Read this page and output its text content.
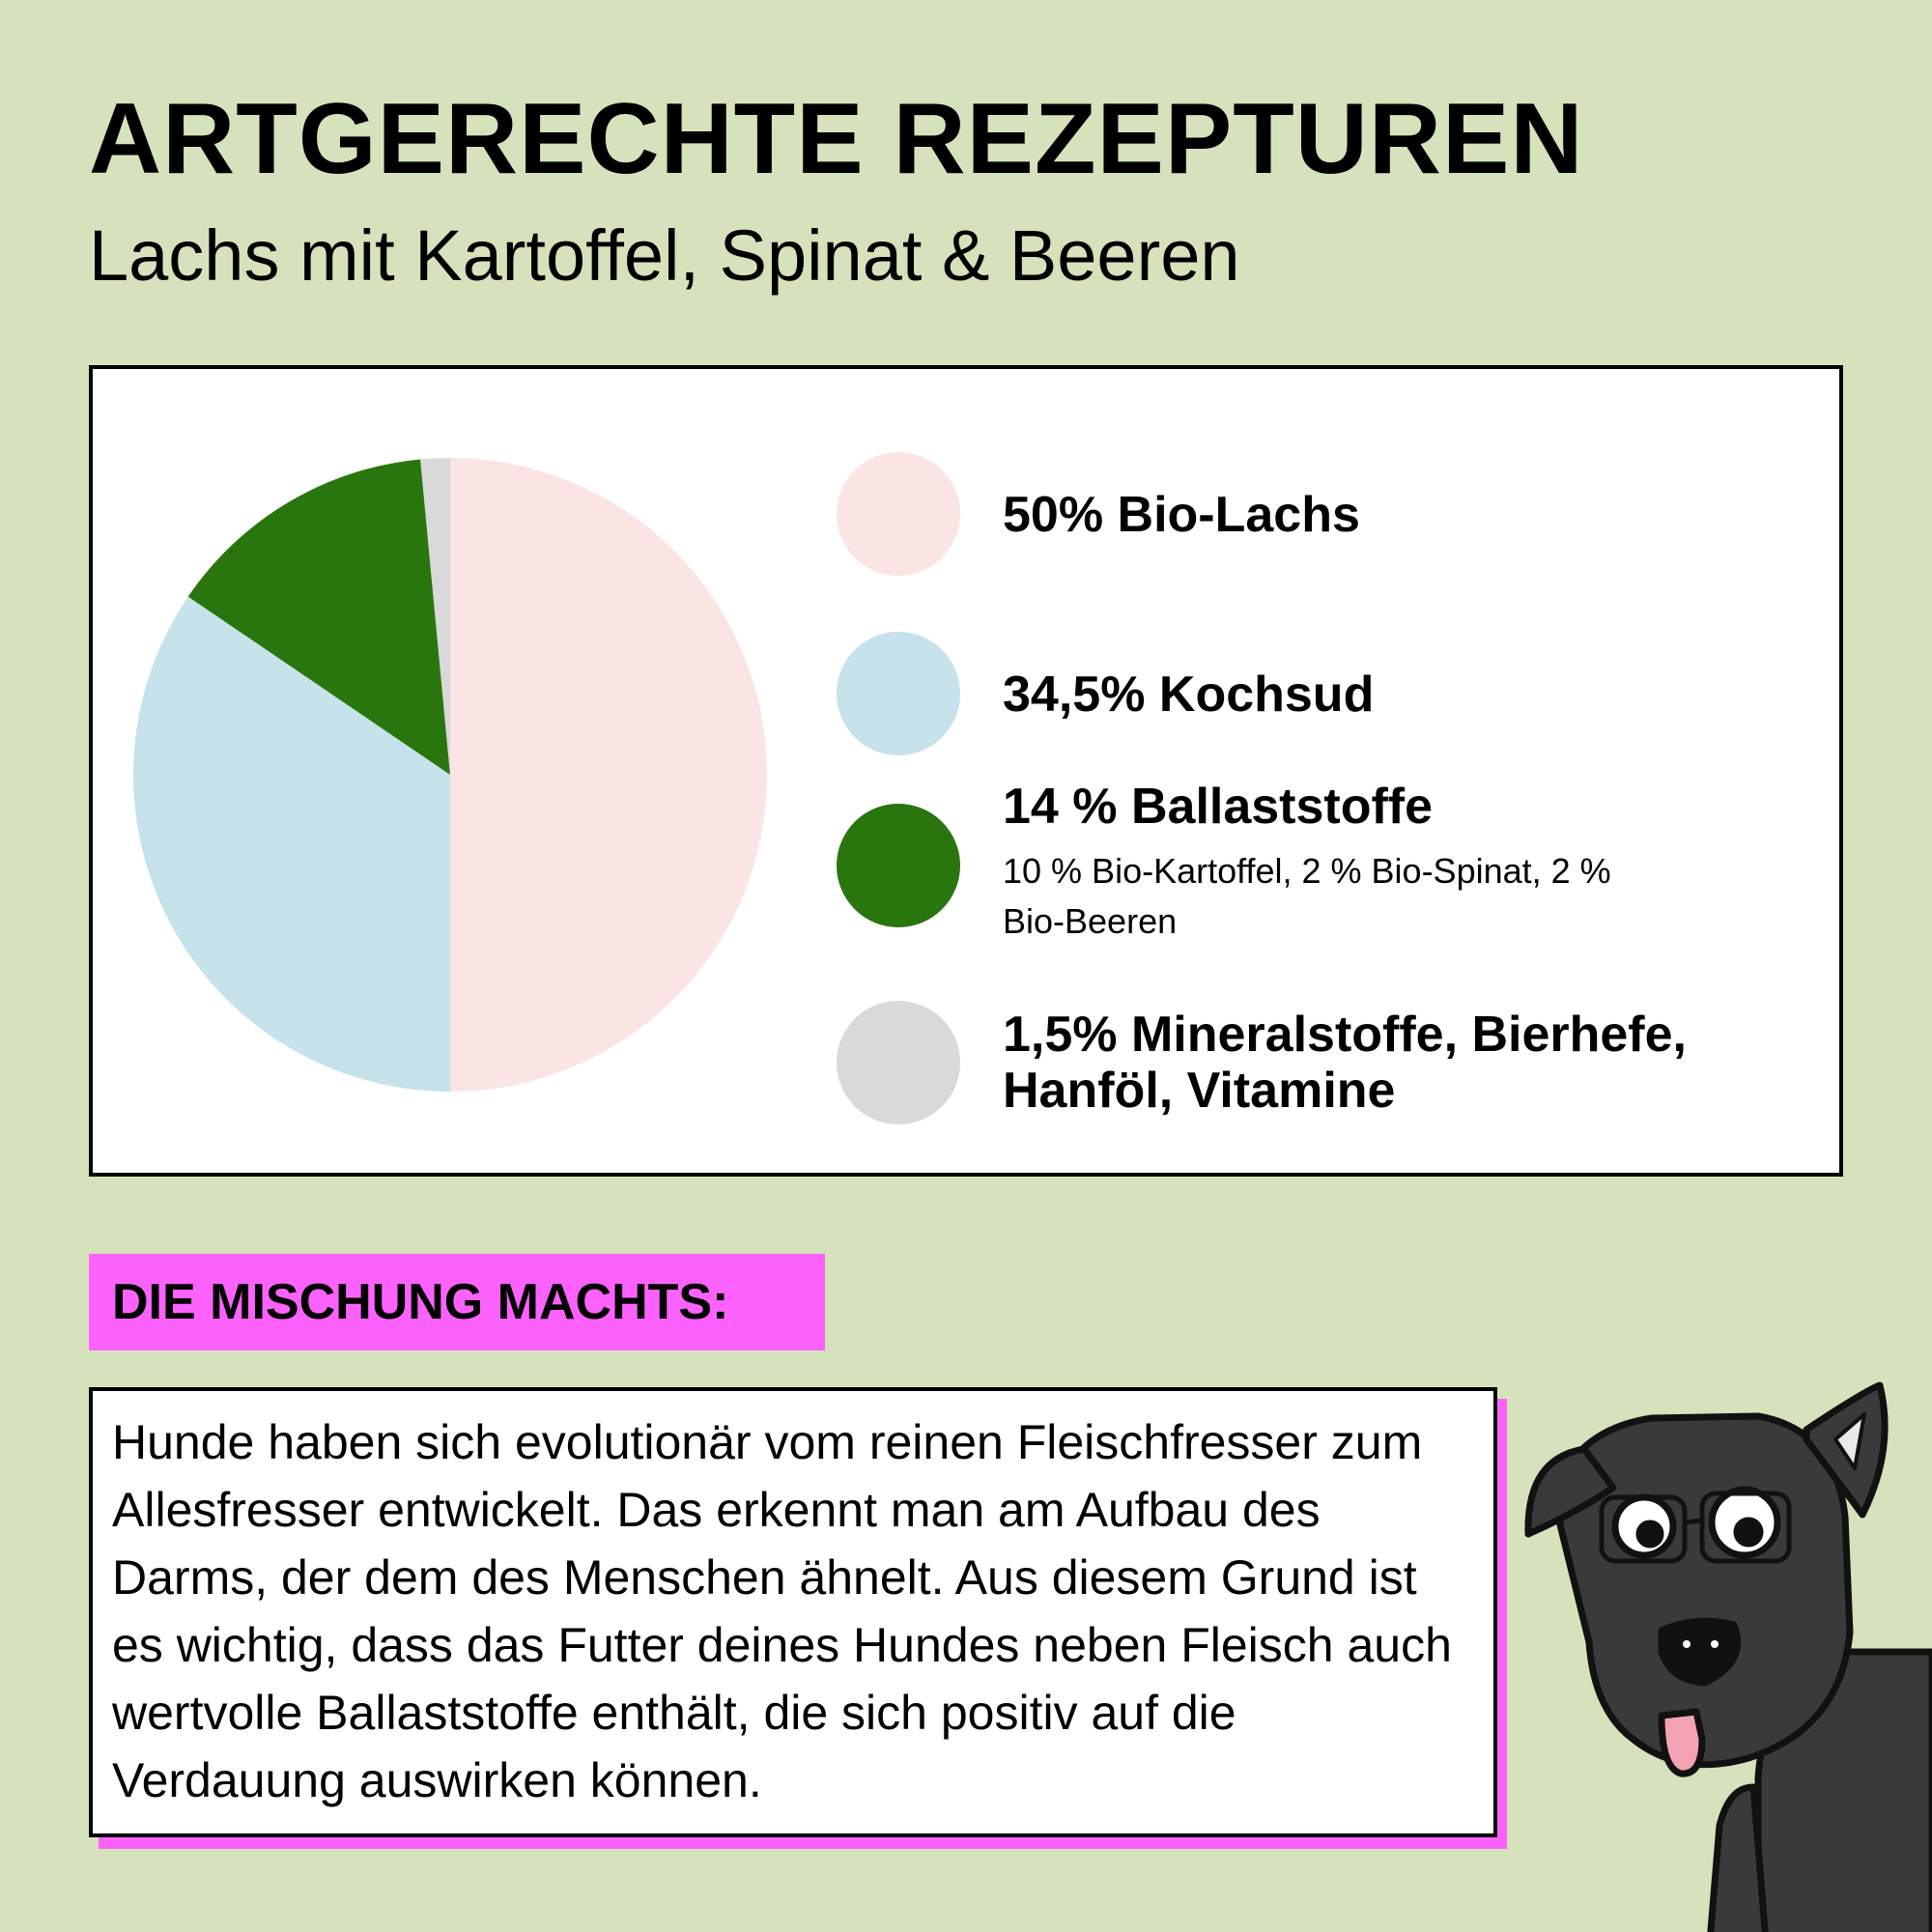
ARTGERECHTE REZEPTUREN
Lachs mit Kartoffel, Spinat & Beeren
50% Bio-Lachs
34,5% Kochsud
14 % Ballaststoffe
10 % Bio-Kartoffel, 2 % Bio-Spinat, 2 % Bio-Beeren
1,5% Mineralstoffe, Bierhefe, Hanföl, Vitamine
DIE MISCHUNG MACHTS:

Hunde haben sich evolutionär vom reinen Fleischfresser zum Allesfresser entwickelt. Das erkennt man am Aufbau des Darms, der dem des Menschen ähnelt. Aus diesem Grund ist es wichtig, dass das Futter deines Hundes neben Fleisch auch wertvolle Ballaststoffe enthält, die sich positiv auf die Verdauung auswirken können.
